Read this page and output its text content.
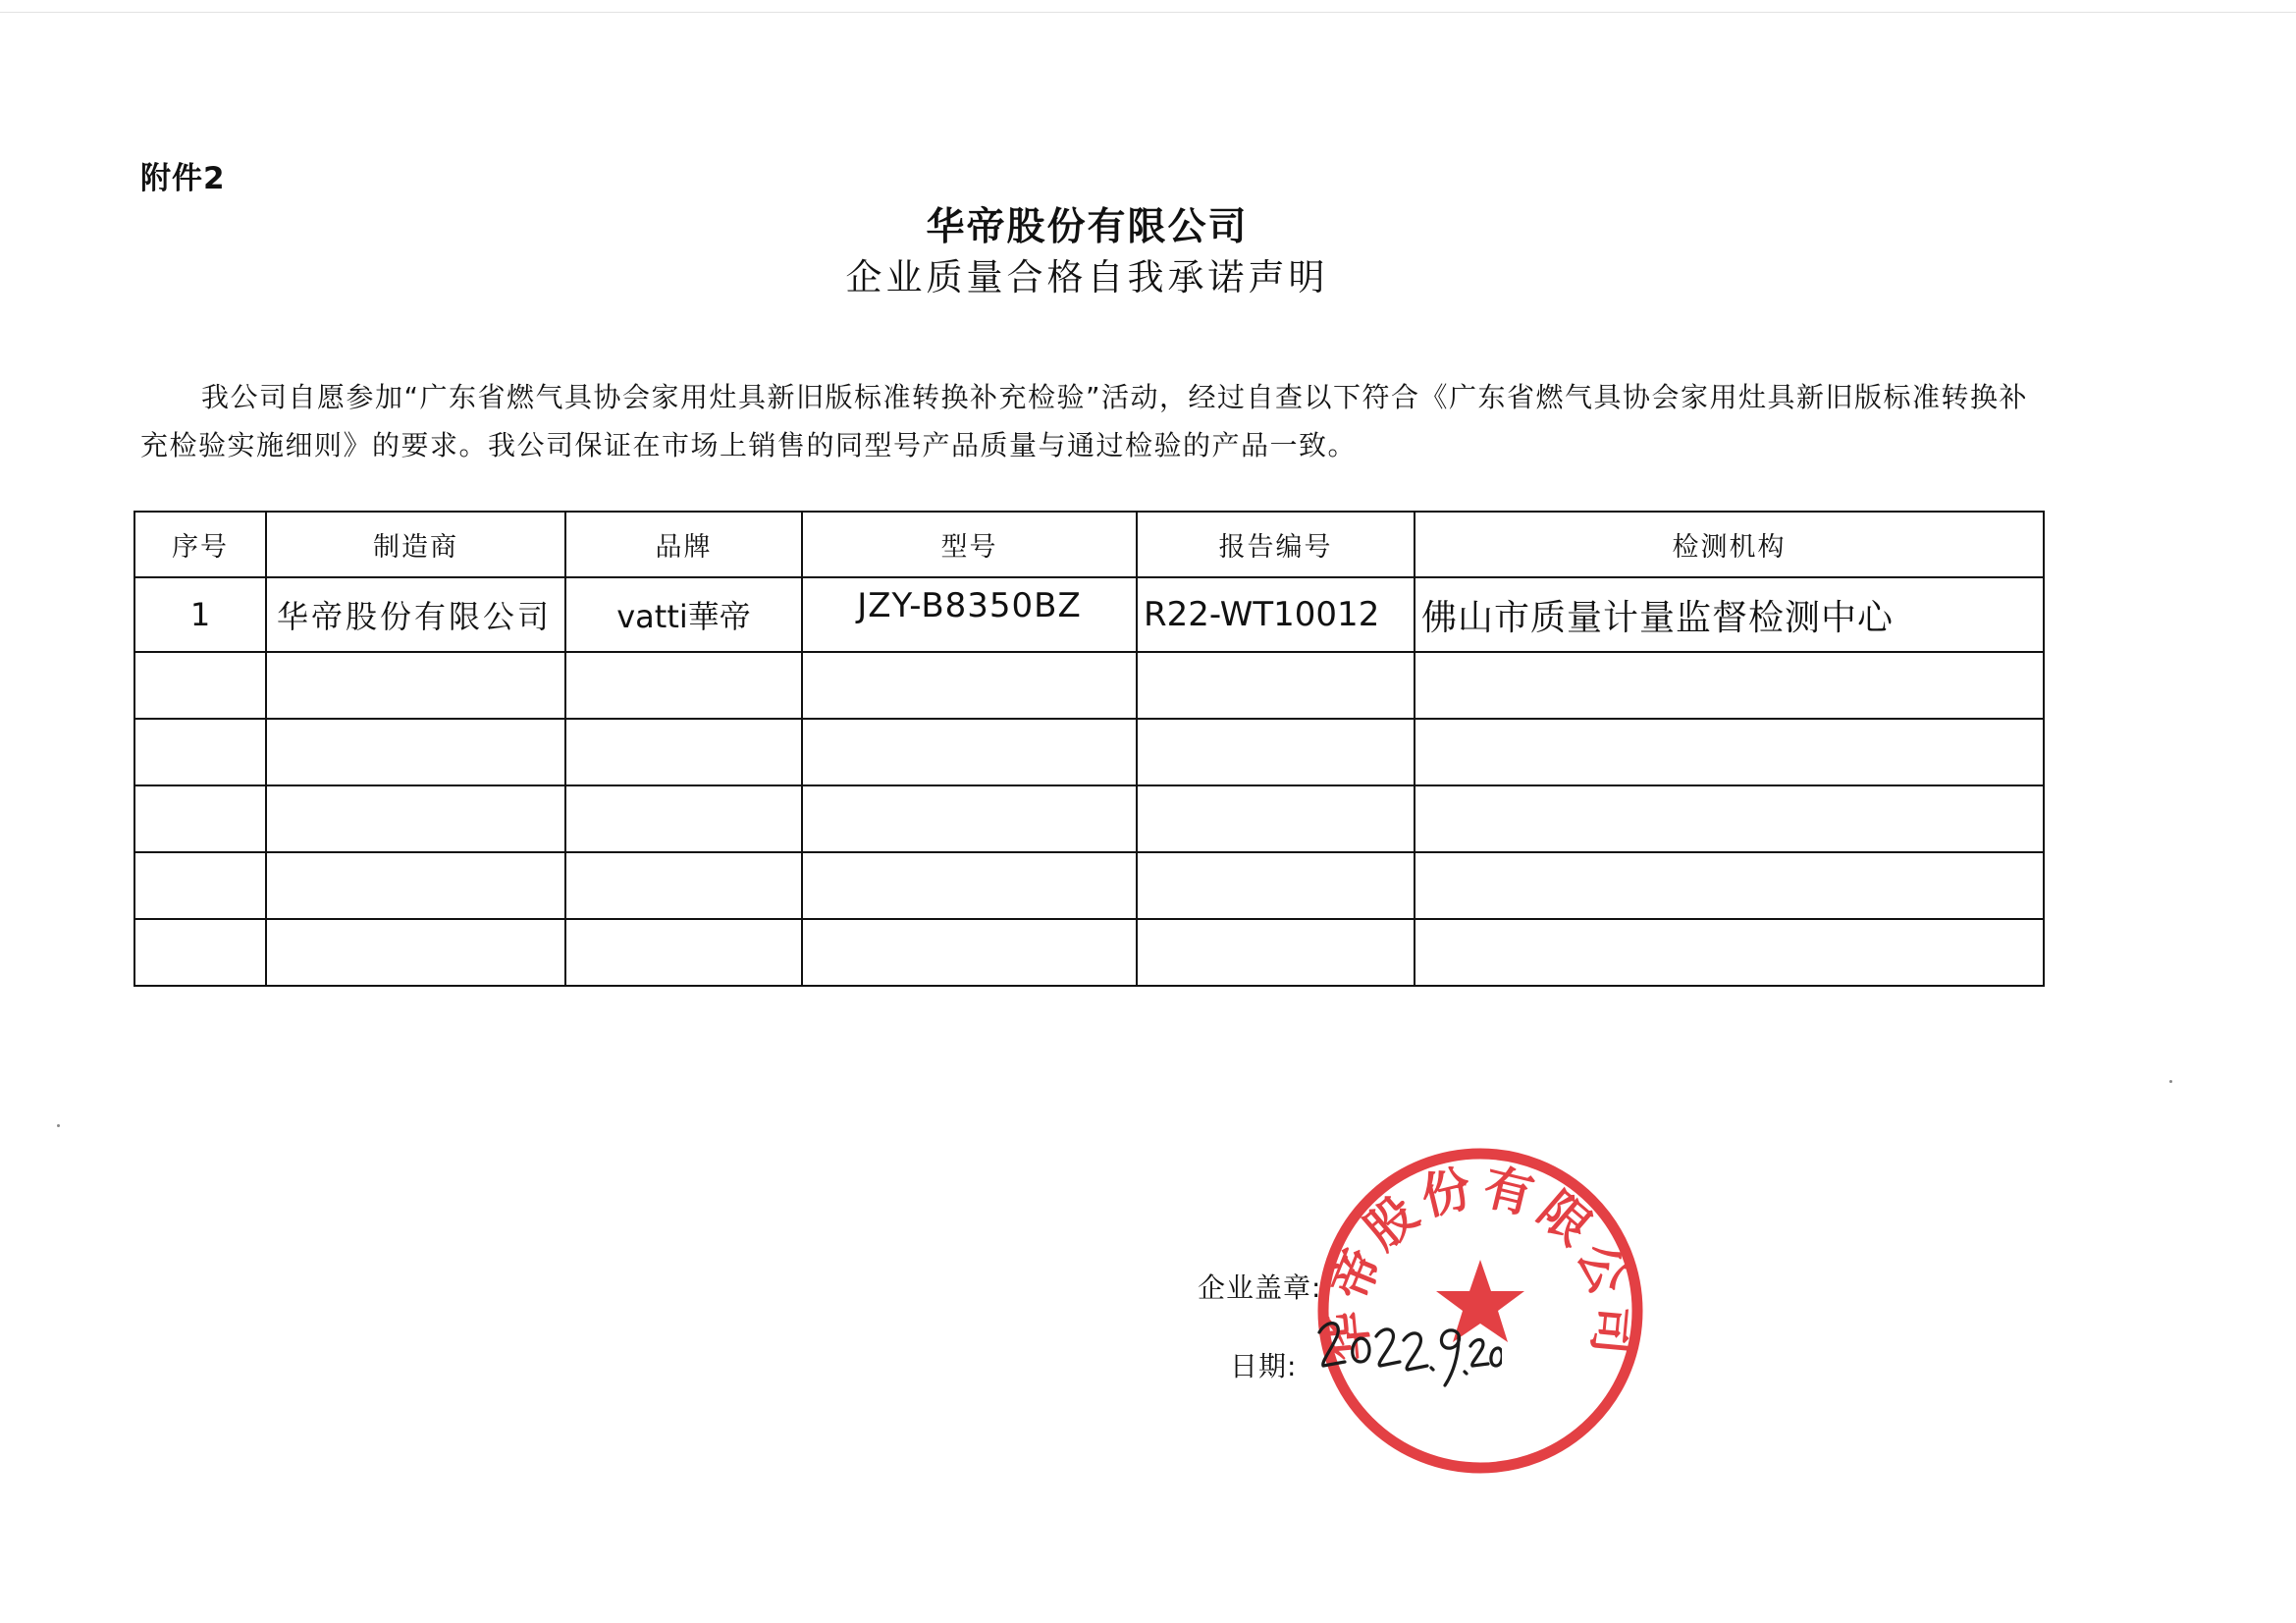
附件2
华帝股份有限公司
企业质量合格自我承诺声明

我公司自愿参加“广东省燃气具协会家用灶具新旧版标准转换补充检验”活动，经过自查以下符合《广东省燃气具协会家用灶具新旧版标准转换补充检验实施细则》的要求。我公司保证在市场上销售的同型号产品质量与通过检验的产品一致。

序号	制造商	品牌	型号	报告编号	检测机构
1	华帝股份有限公司	vatti華帝	JZY-B8350BZ	R22-WT10012	佛山市质量计量监督检测中心

企业盖章:
日期:
华帝股份有限公司
